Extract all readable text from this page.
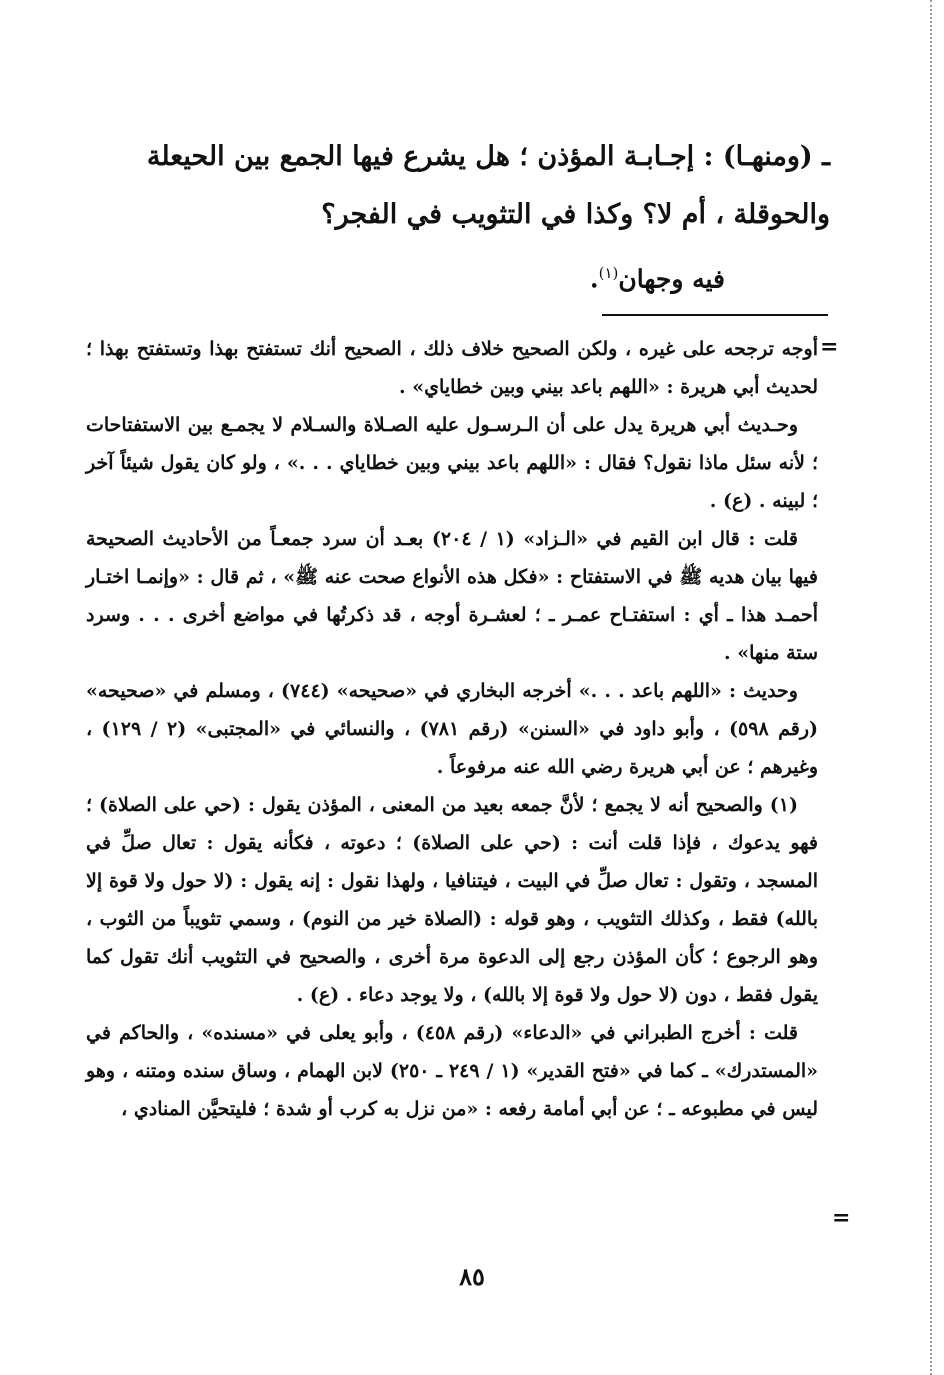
ـ (ومنهـا) : إجـابـة المؤذن ؛ هل يشرع فيها الجمع بين الحيعلة

والحوقلة ، أم لا؟ وكذا في التثويب في الفجر؟

فيه وجهان$^{(١)}$.

=

أوجه ترجحه على غيره ، ولكن الصحيح خلاف ذلك ، الصحيح أنك تستفتح بهذا وتستفتح بهذا ؛ لحديث أبي هريرة : «اللهم باعد بيني وبين خطاياي» .

وحـديث أبي هريرة يدل على أن الـرسـول عليه الصـلاة والسـلام لا يجمـع بين الاستفتاحات ؛ لأنه سئل ماذا نقول؟ فقال : «اللهم باعد بيني وبين خطاياي . . .» ، ولو كان يقول شيئاً آخر ؛ لبينه . (ع) .

قلت : قال ابن القيم في «الـزاد» (١ / ٢٠٤) بعـد أن سرد جمعـاً من الأحاديث الصحيحة فيها بيان هديه ﷺ في الاستفتاح : «فكل هذه الأنواع صحت عنه ﷺ» ، ثم قال : «وإنمـا اختـار أحمـد هذا ـ أي : استفتـاح عمـر ـ ؛ لعشـرة أوجه ، قد ذكرتُها في مواضع أخرى . . . وسرد ستة منها» .

وحديث : «اللهم باعد . . .» أخرجه البخاري في «صحيحه» (٧٤٤) ، ومسلم في «صحيحه» (رقم ٥٩٨) ، وأبو داود في «السنن» (رقم ٧٨١) ، والنسائي في «المجتبى» (٢ / ١٢٩) ، وغيرهم ؛ عن أبي هريرة رضي الله عنه مرفوعاً .

(١) والصحيح أنه لا يجمع ؛ لأنَّ جمعه بعيد من المعنى ، المؤذن يقول : (حي على الصلاة) ؛ فهو يدعوك ، فإذا قلت أنت : (حي على الصلاة) ؛ دعوته ، فكأنه يقول : تعال صلِّ في المسجد ، وتقول : تعال صلِّ في البيت ، فيتنافيا ، ولهذا نقول : إنه يقول : (لا حول ولا قوة إلا بالله) فقط ، وكذلك التثويب ، وهو قوله : (الصلاة خير من النوم) ، وسمي تثويباً من الثوب ، وهو الرجوع ؛ كأن المؤذن رجع إلى الدعوة مرة أخرى ، والصحيح في التثويب أنك تقول كما يقول فقط ، دون (لا حول ولا قوة إلا بالله) ، ولا يوجد دعاء . (ع) .

قلت : أخرج الطبراني في «الدعاء» (رقم ٤٥٨) ، وأبو يعلى في «مسنده» ، والحاكم في «المستدرك» ـ كما في «فتح القدير» (١ / ٢٤٩ ـ ٢٥٠) لابن الهمام ، وساق سنده ومتنه ، وهو ليس في مطبوعه ـ ؛ عن أبي أمامة رفعه : «من نزل به كرب أو شدة ؛ فليتحيَّن المنادي ،

=
٨٥
